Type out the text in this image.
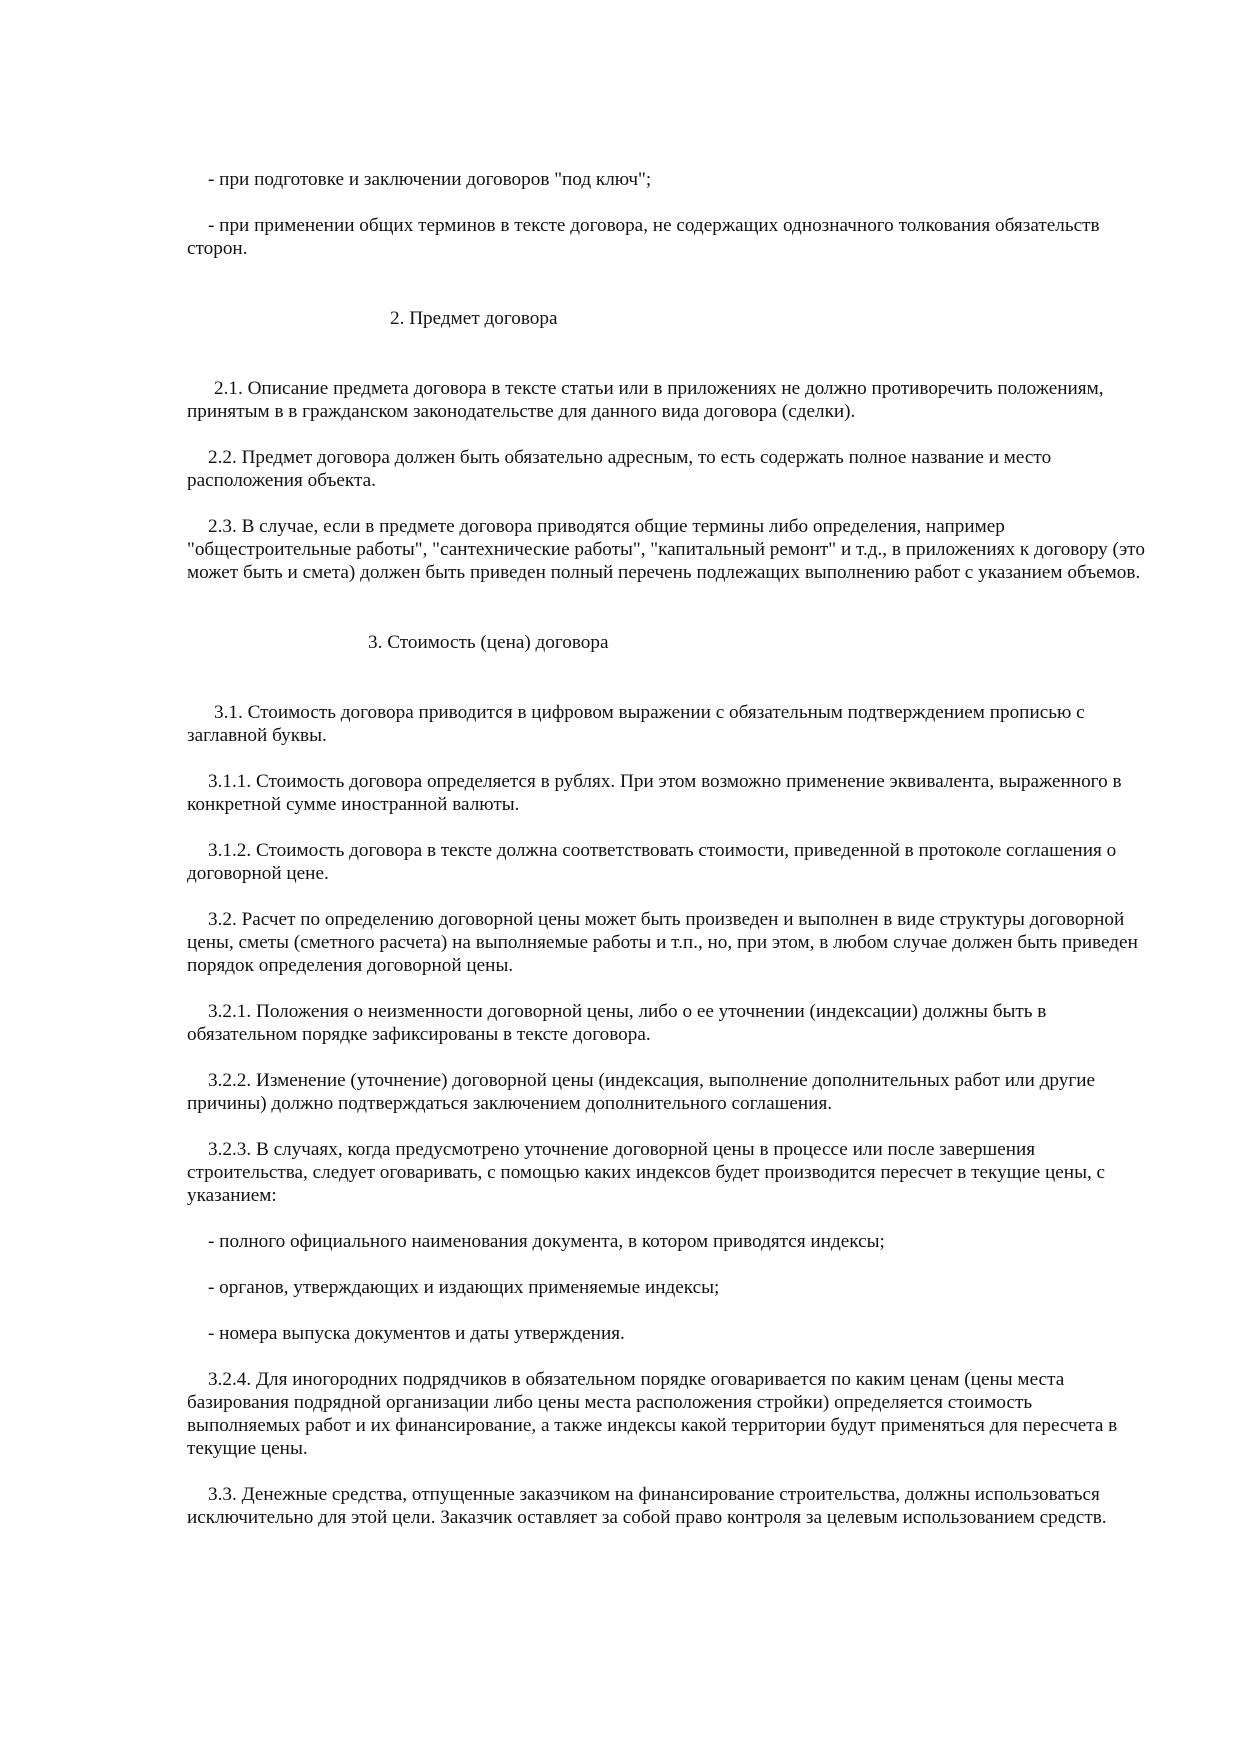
- при подготовке и заключении договоров "под ключ";

- при применении общих терминов в тексте договора, не содержащих однозначного толкования обязательств сторон.

2. Предмет договора

2.1. Описание предмета договора в тексте статьи или в приложениях не должно противоречить положениям, принятым в в гражданском законодательстве для данного вида договора (сделки).

2.2. Предмет договора должен быть обязательно адресным, то есть содержать полное название и место расположения объекта.

2.3. В случае, если в предмете договора приводятся общие термины либо определения, например "общестроительные работы", "сантехнические работы", "капитальный ремонт" и т.д., в приложениях к договору (это может быть и смета) должен быть приведен полный перечень подлежащих выполнению работ с указанием объемов.

3. Стоимость (цена) договора

3.1. Стоимость договора приводится в цифровом выражении с обязательным подтверждением прописью с заглавной буквы.

3.1.1. Стоимость договора определяется в рублях. При этом возможно применение эквивалента, выраженного в конкретной сумме иностранной валюты.

3.1.2. Стоимость договора в тексте должна соответствовать стоимости, приведенной в протоколе соглашения о договорной цене.

3.2. Расчет по определению договорной цены может быть произведен и выполнен в виде структуры договорной цены, сметы (сметного расчета) на выполняемые работы и т.п., но, при этом, в любом случае должен быть приведен порядок определения договорной цены.

3.2.1. Положения о неизменности договорной цены, либо о ее уточнении (индексации) должны быть в обязательном порядке зафиксированы в тексте договора.

3.2.2. Изменение (уточнение) договорной цены (индексация, выполнение дополнительных работ или другие причины) должно подтверждаться заключением дополнительного соглашения.

3.2.3. В случаях, когда предусмотрено уточнение договорной цены в процессе или после завершения строительства, следует оговаривать, с помощью каких индексов будет производится пересчет в текущие цены, с указанием:

- полного официального наименования документа, в котором приводятся индексы;

- органов, утверждающих и издающих применяемые индексы;

- номера выпуска документов и даты утверждения.

3.2.4. Для иногородних подрядчиков в обязательном порядке оговаривается по каким ценам (цены места базирования подрядной организации либо цены места расположения стройки) определяется стоимость выполняемых работ и их финансирование, а также индексы какой территории будут применяться для пересчета в текущие цены.

3.3. Денежные средства, отпущенные заказчиком на финансирование строительства, должны использоваться исключительно для этой цели. Заказчик оставляет за собой право контроля за целевым использованием средств.
